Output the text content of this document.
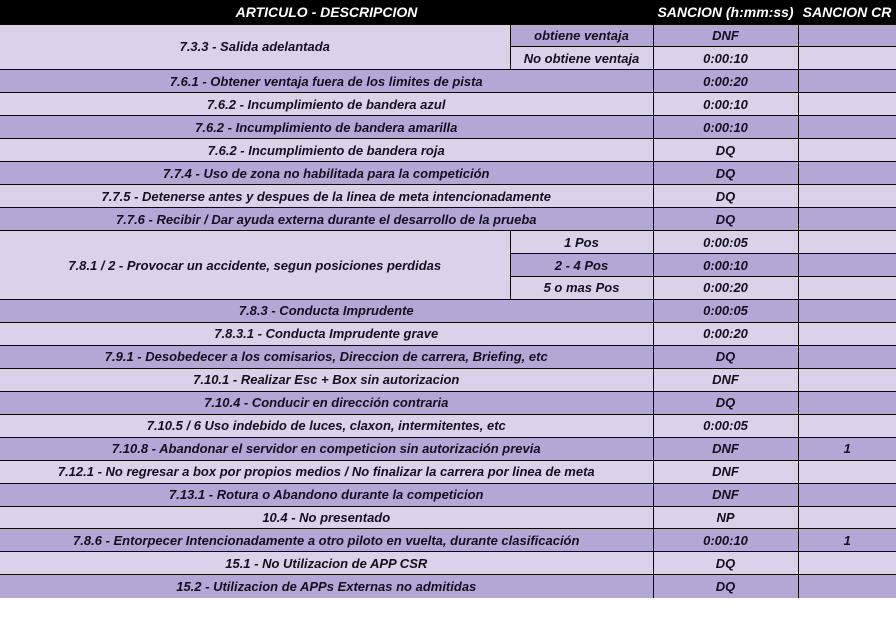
ARTICULO - DESCRIPCION		SANCION (h:mm:ss)	SANCION CR
7.3.3 - Salida adelantada	obtiene ventaja	DNF	
	No obtiene ventaja	0:00:10	
7.6.1 - Obtener ventaja fuera de los limites de pista		0:00:20	
7.6.2 - Incumplimiento de bandera azul		0:00:10	
7.6.2 - Incumplimiento de bandera amarilla		0:00:10	
7.6.2 - Incumplimiento de bandera roja		DQ	
7.7.4 - Uso de zona no habilitada para la competición		DQ	
7.7.5 - Detenerse antes y despues de la linea de meta intencionadamente		DQ	
7.7.6 - Recibir / Dar ayuda externa durante el desarrollo de la prueba		DQ	
7.8.1 / 2 - Provocar un accidente, segun posiciones perdidas	1 Pos	0:00:05	
	2 - 4 Pos	0:00:10	
	5 o mas Pos	0:00:20	
7.8.3 - Conducta Imprudente		0:00:05	
7.8.3.1 - Conducta Imprudente grave		0:00:20	
7.9.1 - Desobedecer a los comisarios, Direccion de carrera, Briefing, etc		DQ	
7.10.1 - Realizar Esc + Box sin autorizacion		DNF	
7.10.4 - Conducir en dirección contraria		DQ	
7.10.5 / 6 Uso indebido de luces, claxon, intermitentes, etc		0:00:05	
7.10.8 - Abandonar el servidor en competicion sin autorización previa		DNF	1
7.12.1 - No regresar a box por propios medios / No finalizar la carrera por linea de meta		DNF	
7.13.1 - Rotura o Abandono durante la competicion		DNF	
10.4 - No presentado		NP	
7.8.6 - Entorpecer Intencionadamente a otro piloto en vuelta, durante clasificación		0:00:10	1
15.1 - No Utilizacion de APP CSR		DQ	
15.2 - Utilizacion de APPs Externas no admitidas		DQ	
